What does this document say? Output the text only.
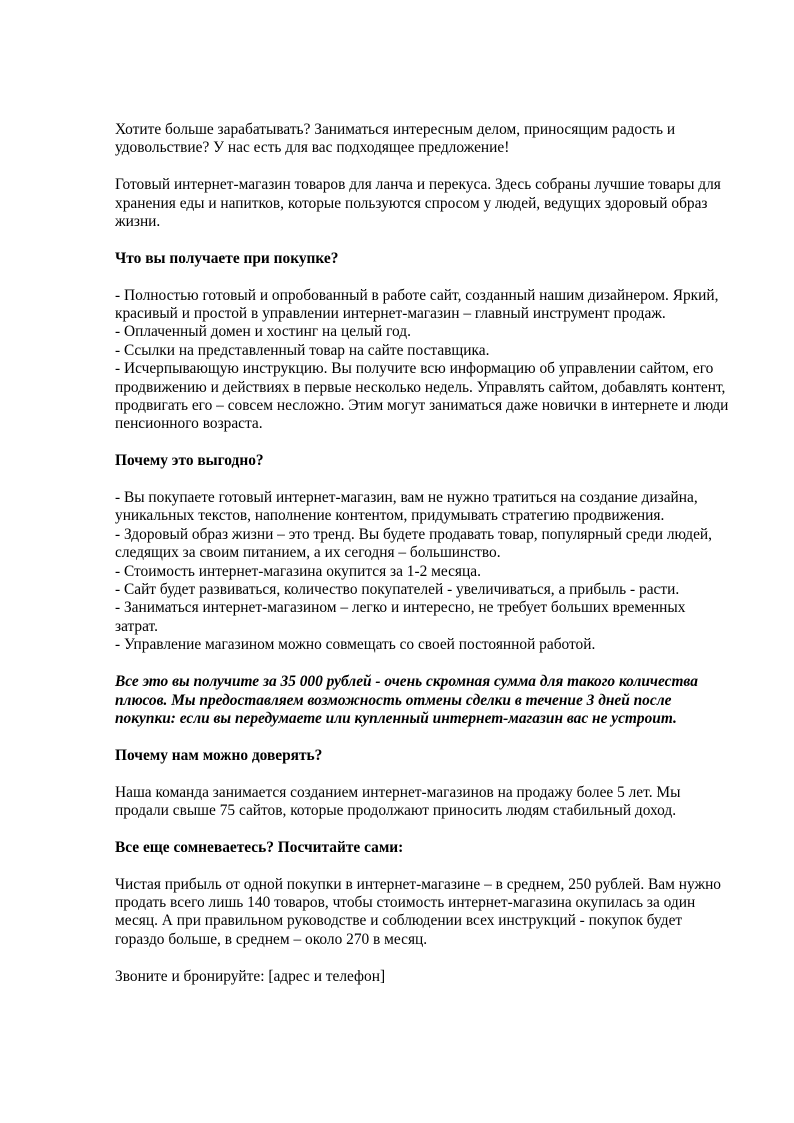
Хотите больше зарабатывать? Заниматься интересным делом, приносящим радость и удовольствие? У нас есть для вас подходящее предложение!

Готовый интернет-магазин товаров для ланча и перекуса. Здесь собраны лучшие товары для хранения еды и напитков, которые пользуются спросом у людей, ведущих здоровый образ жизни.

Что вы получаете при покупке?

- Полностью готовый и опробованный в работе сайт, созданный нашим дизайнером. Яркий, красивый и простой в управлении интернет-магазин – главный инструмент продаж.
- Оплаченный домен и хостинг на целый год.
- Ссылки на представленный товар на сайте поставщика.
- Исчерпывающую инструкцию. Вы получите всю информацию об управлении сайтом, его продвижению и действиях в первые несколько недель. Управлять сайтом, добавлять контент, продвигать его – совсем несложно. Этим могут заниматься даже новички в интернете и люди пенсионного возраста.

Почему это выгодно?

- Вы покупаете готовый интернет-магазин, вам не нужно тратиться на создание дизайна, уникальных текстов, наполнение контентом, придумывать стратегию продвижения.
- Здоровый образ жизни – это тренд. Вы будете продавать товар, популярный среди людей, следящих за своим питанием, а их сегодня – большинство.
- Стоимость интернет-магазина окупится за 1-2 месяца.
- Сайт будет развиваться, количество покупателей - увеличиваться, а прибыль - расти.
- Заниматься интернет-магазином – легко и интересно, не требует больших временных затрат.
- Управление магазином можно совмещать со своей постоянной работой.

Все это вы получите за 35 000 рублей - очень скромная сумма для такого количества плюсов. Мы предоставляем возможность отмены сделки в течение 3 дней после покупки: если вы передумаете или купленный интернет-магазин вас не устроит.

Почему нам можно доверять?

Наша команда занимается созданием интернет-магазинов на продажу более 5 лет. Мы продали свыше 75 сайтов, которые продолжают приносить людям стабильный доход.

Все еще сомневаетесь? Посчитайте сами:

Чистая прибыль от одной покупки в интернет-магазине – в среднем, 250 рублей. Вам нужно продать всего лишь 140 товаров, чтобы стоимость интернет-магазина окупилась за один месяц. А при правильном руководстве и соблюдении всех инструкций - покупок будет гораздо больше, в среднем – около 270 в месяц.

Звоните и бронируйте: [адрес и телефон]
